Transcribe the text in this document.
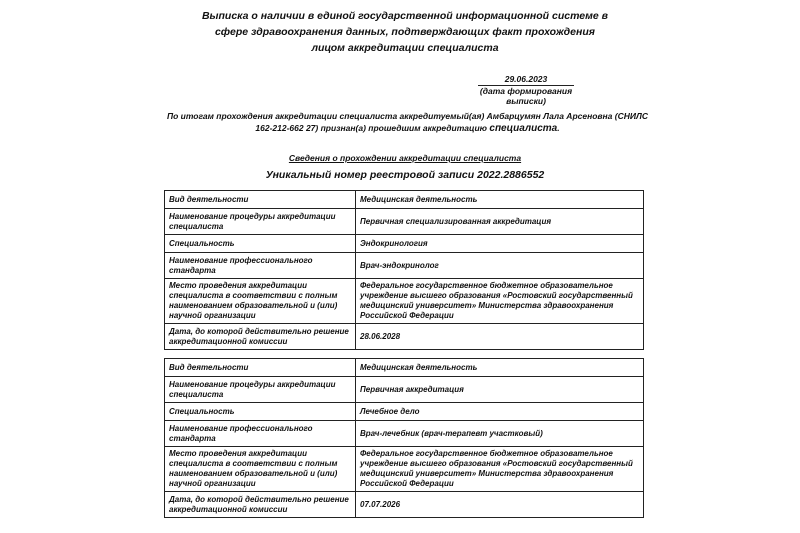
Выписка о наличии в единой государственной информационной системе в сфере здравоохранения данных, подтверждающих факт прохождения лицом аккредитации специалиста
29.06.2023
(дата формирования выписки)
По итогам прохождения аккредитации специалиста аккредитуемый(ая) Амбарцумян Лала Арсеновна (СНИЛС 162-212-662 27) признан(а) прошедшим аккредитацию специалиста.
Сведения о прохождении аккредитации специалиста
Уникальный номер реестровой записи 2022.2886552
Вид деятельности	Медицинская деятельность
Наименование процедуры аккредитации специалиста	Первичная специализированная аккредитация
Специальность	Эндокринология
Наименование профессионального стандарта	Врач-эндокринолог
Место проведения аккредитации специалиста в соответствии с полным наименованием образовательной и (или) научной организации	Федеральное государственное бюджетное образовательное учреждение высшего образования «Ростовский государственный медицинский университет» Министерства здравоохранения Российской Федерации
Дата, до которой действительно решение аккредитационной комиссии	28.06.2028
Вид деятельности	Медицинская деятельность
Наименование процедуры аккредитации специалиста	Первичная аккредитация
Специальность	Лечебное дело
Наименование профессионального стандарта	Врач-лечебник (врач-терапевт участковый)
Место проведения аккредитации специалиста в соответствии с полным наименованием образовательной и (или) научной организации	Федеральное государственное бюджетное образовательное учреждение высшего образования «Ростовский государственный медицинский университет» Министерства здравоохранения Российской Федерации
Дата, до которой действительно решение аккредитационной комиссии	07.07.2026
